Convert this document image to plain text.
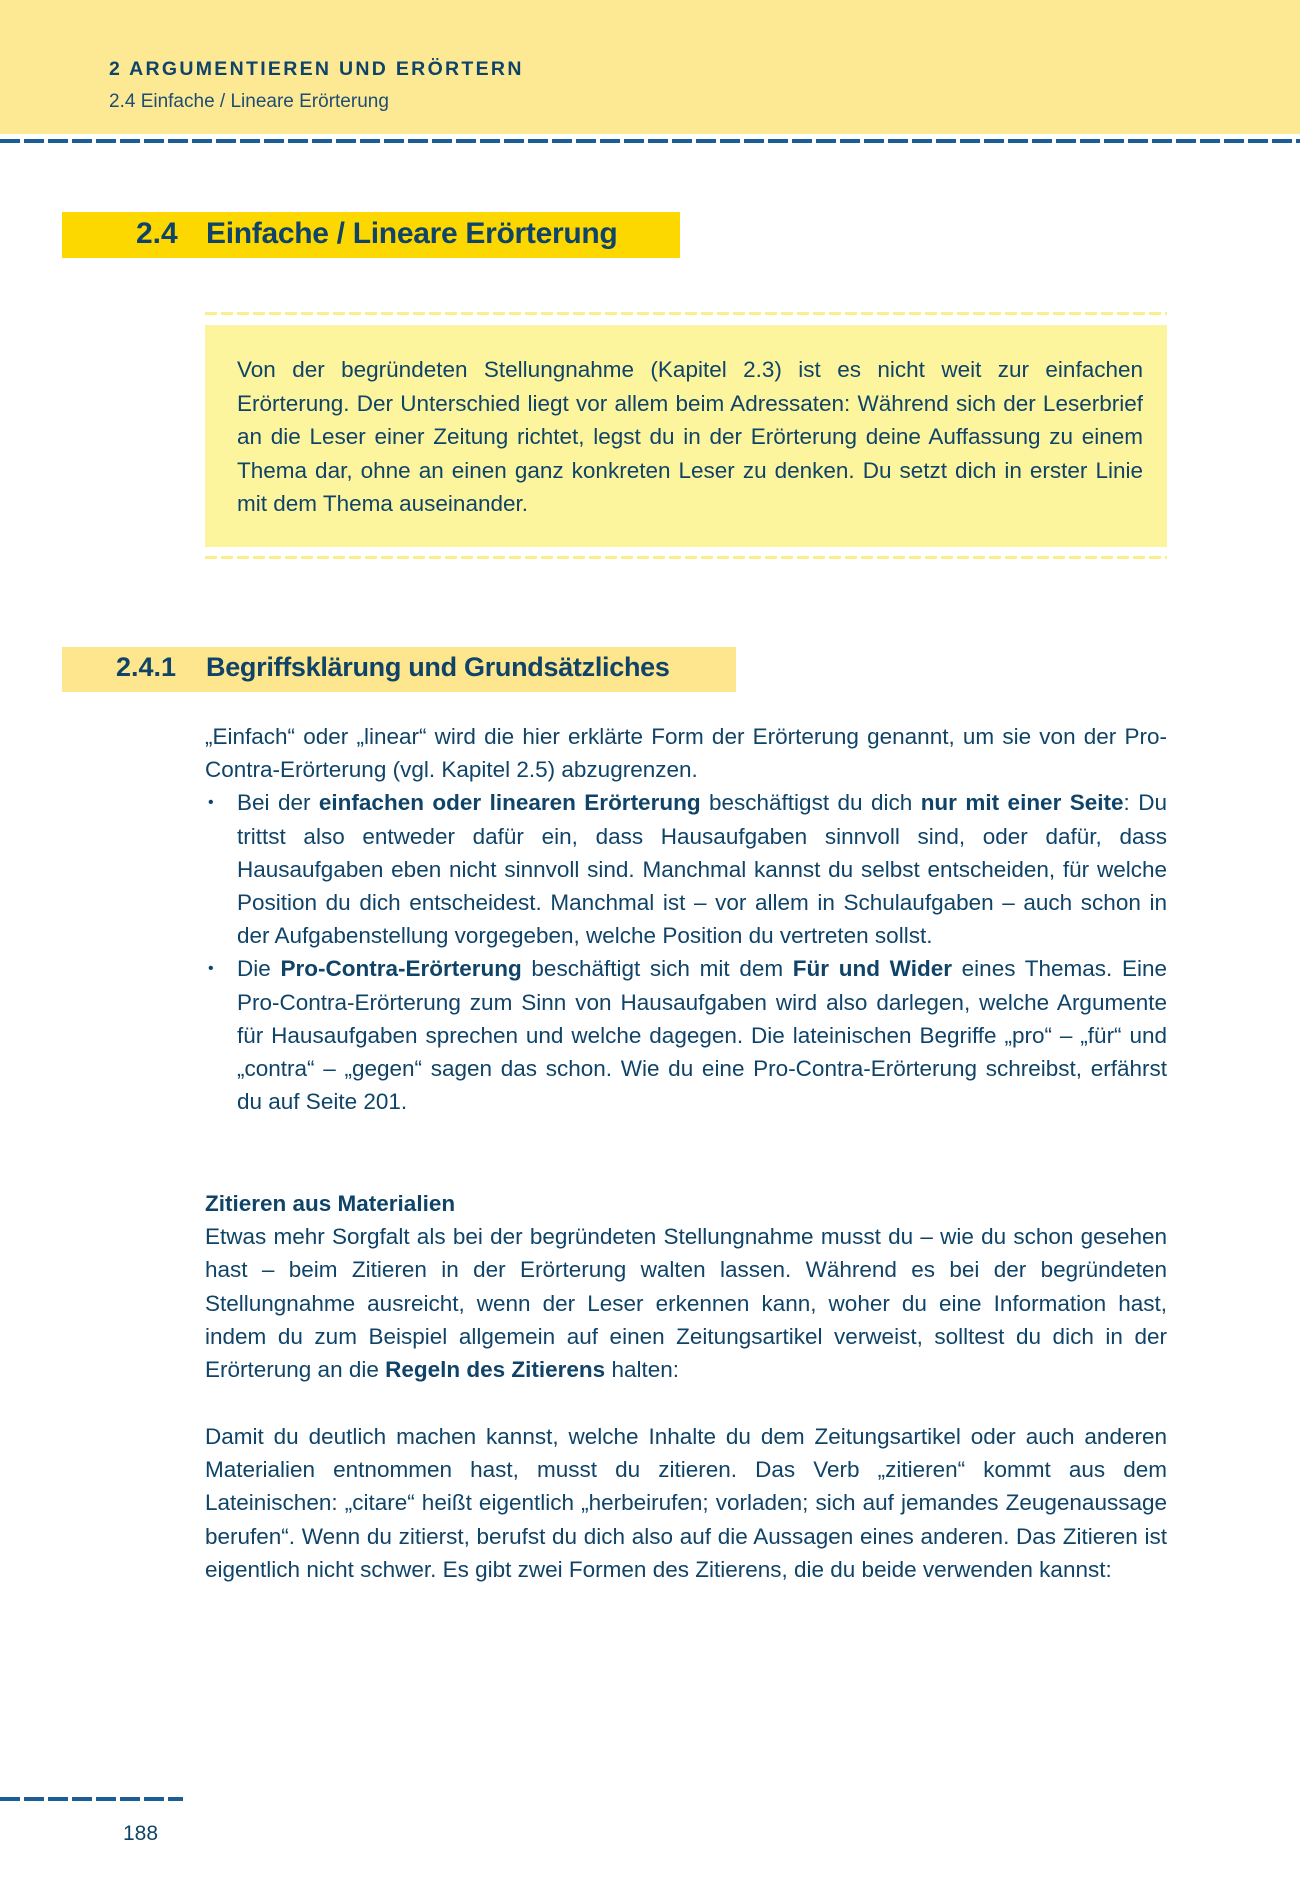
2 ARGUMENTIEREN UND ERÖRTERN
2.4 Einfache / Lineare Erörterung
2.4 Einfache / Lineare Erörterung
Von der begründeten Stellungnahme (Kapitel 2.3) ist es nicht weit zur einfachen Erörterung. Der Unterschied liegt vor allem beim Adressaten: Während sich der Leserbrief an die Leser einer Zeitung richtet, legst du in der Erörterung deine Auffassung zu einem Thema dar, ohne an einen ganz konkreten Leser zu denken. Du setzt dich in erster Linie mit dem Thema auseinander.
2.4.1 Begriffsklärung und Grundsätzliches

„Einfach“ oder „linear“ wird die hier erklärte Form der Erörterung genannt, um sie von der Pro-Contra-Erörterung (vgl. Kapitel 2.5) abzugrenzen.

• Bei der einfachen oder linearen Erörterung beschäftigst du dich nur mit einer Seite: Du trittst also entweder dafür ein, dass Hausaufgaben sinnvoll sind, oder dafür, dass Hausaufgaben eben nicht sinnvoll sind. Manchmal kannst du selbst entscheiden, für welche Position du dich entscheidest. Manchmal ist – vor allem in Schulaufgaben – auch schon in der Aufgabenstellung vorgegeben, welche Position du vertreten sollst.
• Die Pro-Contra-Erörterung beschäftigt sich mit dem Für und Wider eines Themas. Eine Pro-Contra-Erörterung zum Sinn von Hausaufgaben wird also darlegen, welche Argumente für Hausaufgaben sprechen und welche dagegen. Die lateinischen Begriffe „pro“ – „für“ und „contra“ – „gegen“ sagen das schon. Wie du eine Pro-Contra-Erörterung schreibst, erfährst du auf Seite 201.

Zitieren aus Materialien

Etwas mehr Sorgfalt als bei der begründeten Stellungnahme musst du – wie du schon gesehen hast – beim Zitieren in der Erörterung walten lassen. Während es bei der begründeten Stellungnahme ausreicht, wenn der Leser erkennen kann, woher du eine Information hast, indem du zum Beispiel allgemein auf einen Zeitungsartikel verweist, solltest du dich in der Erörterung an die Regeln des Zitierens halten:

Damit du deutlich machen kannst, welche Inhalte du dem Zeitungsartikel oder auch anderen Materialien entnommen hast, musst du zitieren. Das Verb „zitieren“ kommt aus dem Lateinischen: „citare“ heißt eigentlich „herbeirufen; vorladen; sich auf jemandes Zeugenaussage berufen“. Wenn du zitierst, berufst du dich also auf die Aussagen eines anderen. Das Zitieren ist eigentlich nicht schwer. Es gibt zwei Formen des Zitierens, die du beide verwenden kannst:

188
